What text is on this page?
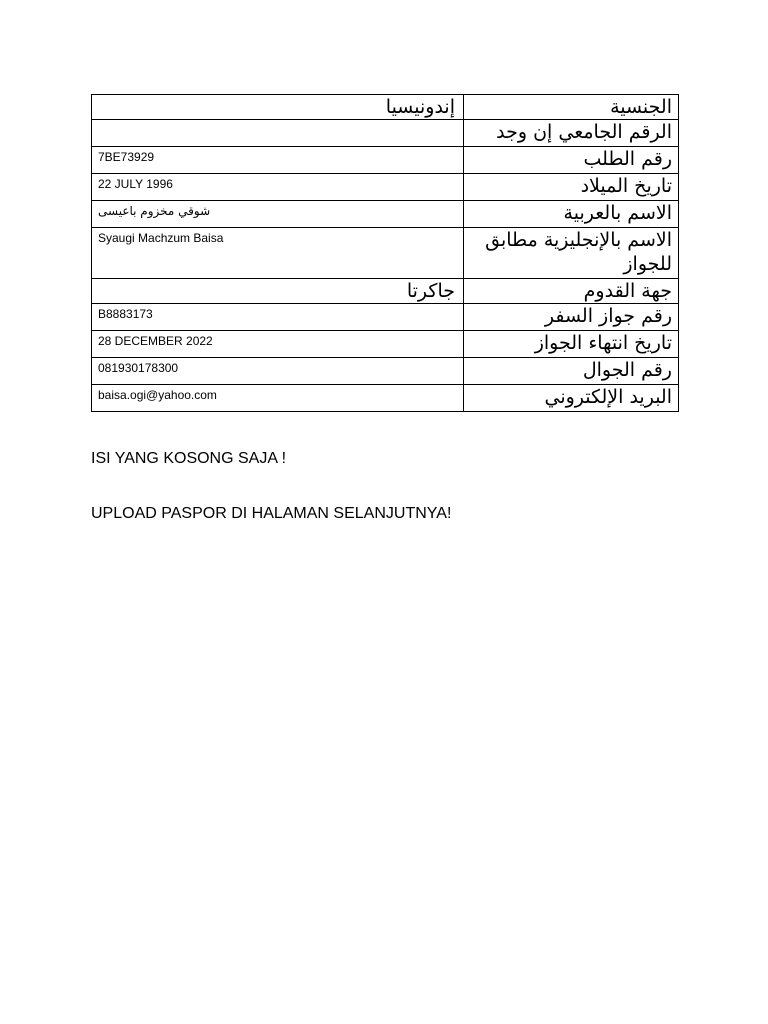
إندونيسيا	الجنسية
	الرقم الجامعي إن وجد
7BE73929	رقم الطلب
22 JULY 1996	تاريخ الميلاد
شوقي مخزوم باعيسى	الاسم بالعربية
Syaugi Machzum Baisa	الاسم بالإنجليزية مطابق للجواز
جاكرتا	جهة القدوم
B8883173	رقم جواز السفر
28 DECEMBER 2022	تاريخ انتهاء الجواز
081930178300	رقم الجوال
baisa.ogi@yahoo.com	البريد الإلكتروني
ISI YANG KOSONG SAJA !
UPLOAD PASPOR DI HALAMAN SELANJUTNYA!
